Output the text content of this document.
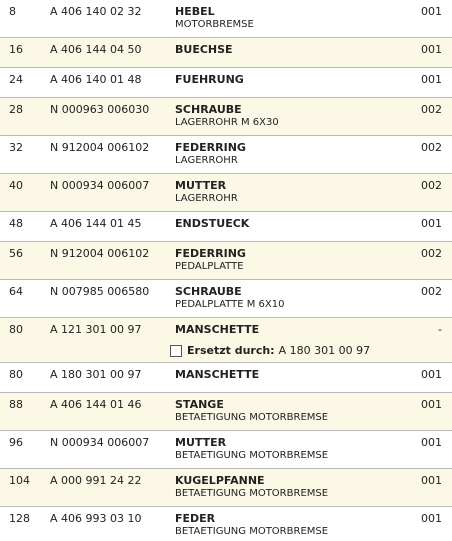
8	A 406 140 02 32	HEBEL
MOTORBREMSE
001
16 A 406 144 04 50	BUECHSE	001
24 A 406 140 01 48	FUEHRUNG	001
28 N 000963 006030 SCHRAUBE
LAGERROHR M 6X30
002
32 N 912004 006102 FEDERRING
LAGERROHR
002
40 N 000934 006007 MUTTER
LAGERROHR
002
48 A 406 144 01 45	ENDSTUECK	001
56 N 912004 006102 FEDERRING
PEDALPLATTE
002
64 N 007985 006580 SCHRAUBE
PEDALPLATTE M 6X10
002
80 A 121 301 00 97	MANSCHETTE	-
Ersetzt durch: A 180 301 00 97
80 A 180 301 00 97	MANSCHETTE	001
88 A 406 144 01 46	STANGE
BETAETIGUNG MOTORBREMSE
001
96 N 000934 006007 MUTTER
BETAETIGUNG MOTORBREMSE
001
104 A 000 991 24 22	KUGELPFANNE
BETAETIGUNG MOTORBREMSE
001
128 A 406 993 03 10	FEDER
BETAETIGUNG MOTORBREMSE
001
